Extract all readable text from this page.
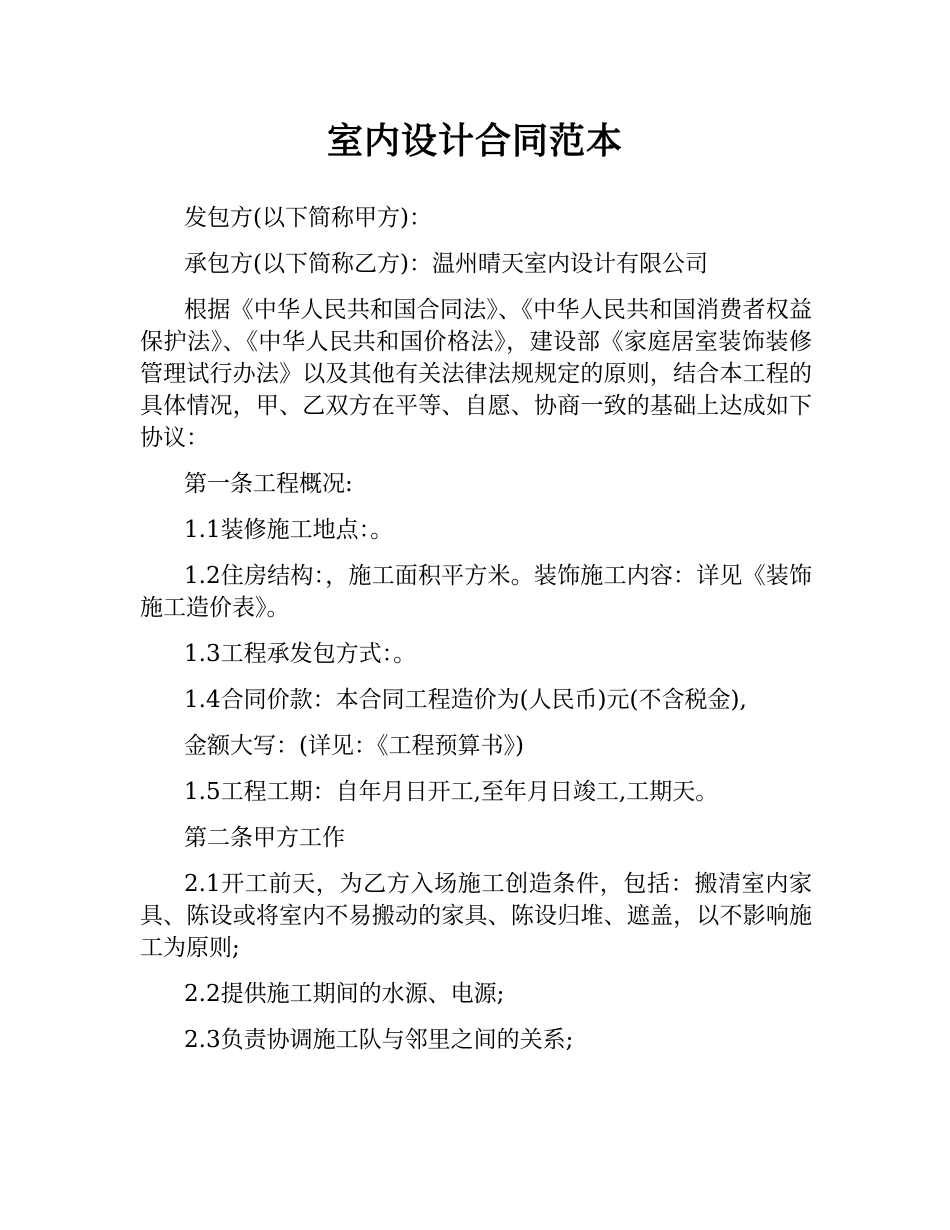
室内设计合同范本

发包方(以下简称甲方)：

承包方(以下简称乙方)：温州晴天室内设计有限公司

根据《中华人民共和国合同法》、《中华人民共和国消费者权益保护法》、《中华人民共和国价格法》，建设部《家庭居室装饰装修管理试行办法》以及其他有关法律法规规定的原则，结合本工程的具体情况，甲、乙双方在平等、自愿、协商一致的基础上达成如下协议：

第一条工程概况:

1.1装修施工地点：。

1.2住房结构：，施工面积平方米。装饰施工内容：详见《装饰施工造价表》。

1.3工程承发包方式：。

1.4合同价款：本合同工程造价为(人民币)元(不含税金),

金额大写：(详见：《工程预算书》)

1.5工程工期：自年月日开工,至年月日竣工,工期天。

第二条甲方工作

2.1开工前天，为乙方入场施工创造条件，包括：搬清室内家具、陈设或将室内不易搬动的家具、陈设归堆、遮盖，以不影响施工为原则;

2.2提供施工期间的水源、电源;

2.3负责协调施工队与邻里之间的关系;
